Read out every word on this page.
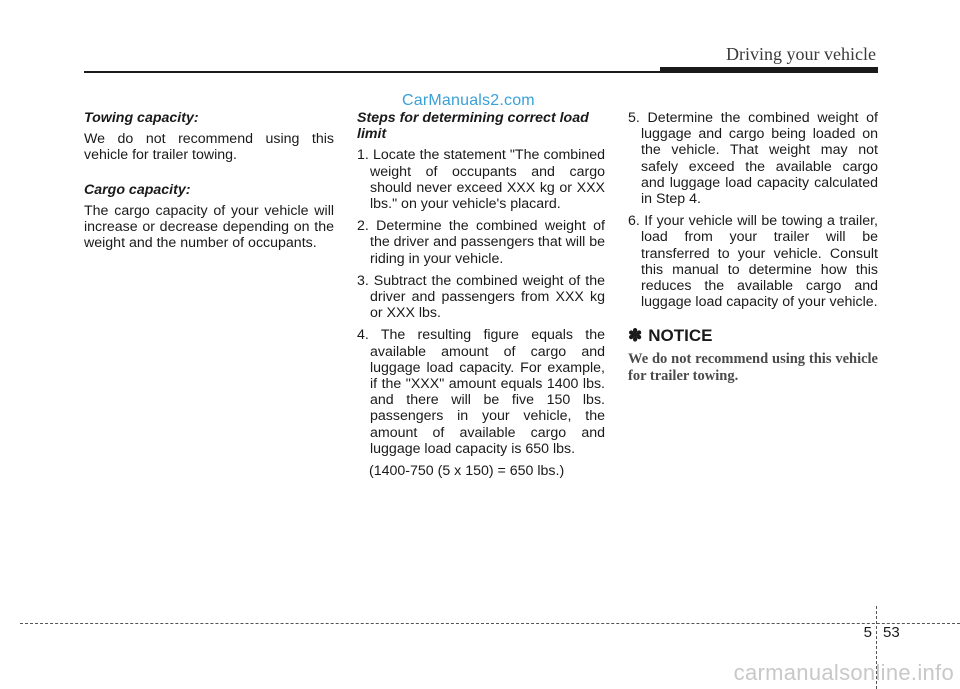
Driving your vehicle
CarManuals2.com
Towing capacity:

We do not recommend using this vehicle for trailer towing.

Cargo capacity:

The cargo capacity of your vehicle will increase or decrease depending on the weight and the number of occupants.

Steps for determining correct load limit
1. Locate the statement "The combined weight of occupants and cargo should never exceed XXX kg or XXX lbs." on your vehicle's placard.
2. Determine the combined weight of the driver and passengers that will be riding in your vehicle.
3. Subtract the combined weight of the driver and passengers from XXX kg or XXX lbs.
4. The resulting figure equals the available amount of cargo and luggage load capacity. For example, if the "XXX" amount equals 1400 lbs. and there will be five 150 lbs. passengers in your vehicle, the amount of available cargo and luggage load capacity is 650 lbs.
(1400-750 (5 x 150) = 650 lbs.)
5. Determine the combined weight of luggage and cargo being loaded on the vehicle. That weight may not safely exceed the available cargo and luggage load capacity calculated in Step 4.
6. If your vehicle will be towing a trailer, load from your trailer will be transferred to your vehicle. Consult this manual to determine how this reduces the available cargo and luggage load capacity of your vehicle.
✽ NOTICE

We do not recommend using this vehicle for trailer towing.

5 53
carmanualsonline.info
